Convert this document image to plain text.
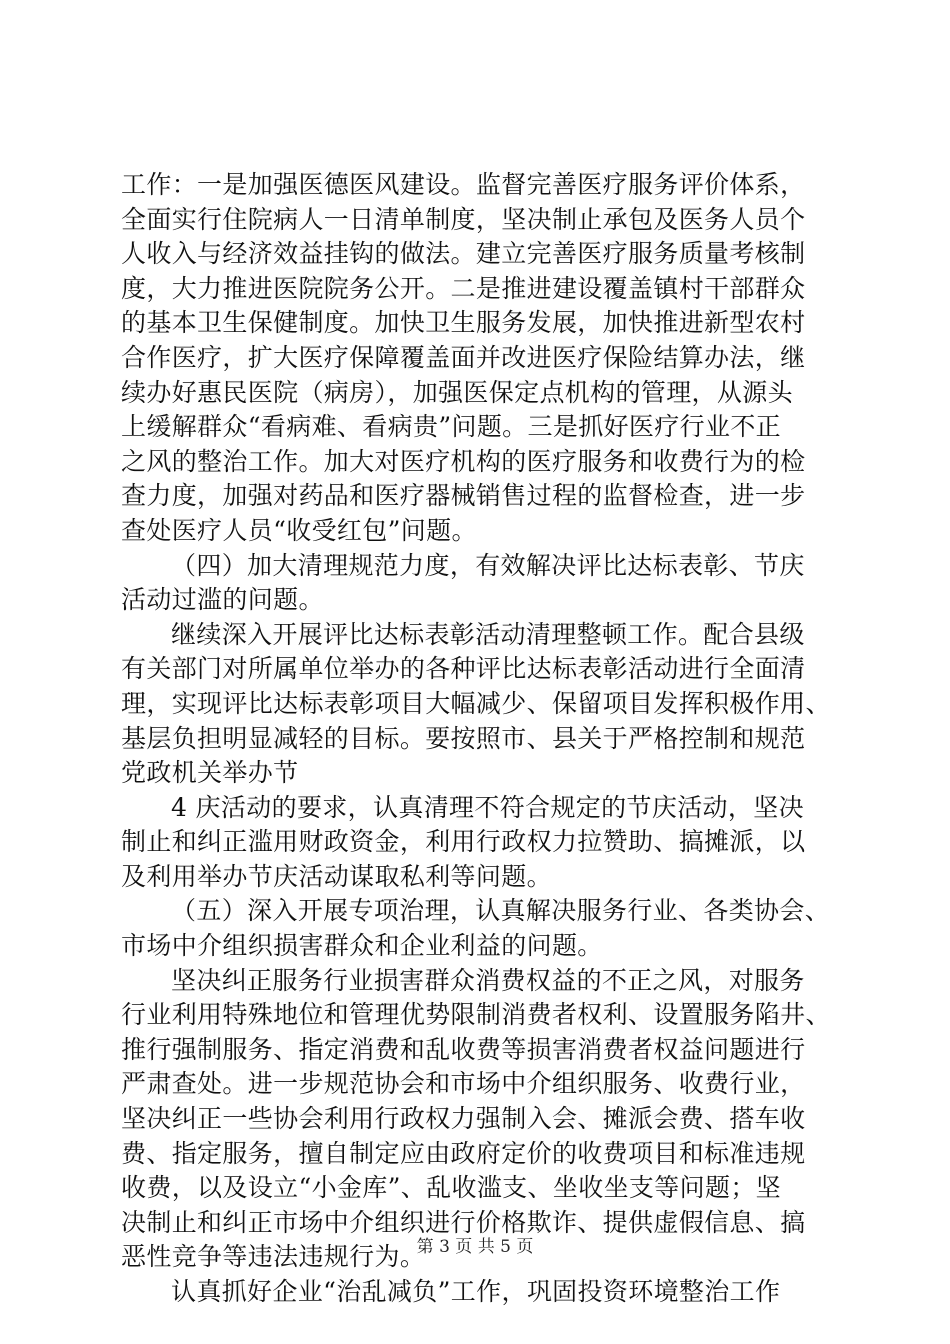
工作：一是加强医德医风建设。监督完善医疗服务评价体系，
全面实行住院病人一日清单制度，坚决制止承包及医务人员个
人收入与经济效益挂钩的做法。建立完善医疗服务质量考核制
度，大力推进医院院务公开。二是推进建设覆盖镇村干部群众
的基本卫生保健制度。加快卫生服务发展，加快推进新型农村
合作医疗，扩大医疗保障覆盖面并改进医疗保险结算办法，继
续办好惠民医院（病房），加强医保定点机构的管理，从源头
上缓解群众“看病难、看病贵”问题。三是抓好医疗行业不正
之风的整治工作。加大对医疗机构的医疗服务和收费行为的检
查力度，加强对药品和医疗器械销售过程的监督检查，进一步
查处医疗人员“收受红包”问题。
（四）加大清理规范力度，有效解决评比达标表彰、节庆
活动过滥的问题。
继续深入开展评比达标表彰活动清理整顿工作。配合县级
有关部门对所属单位举办的各种评比达标表彰活动进行全面清
理，实现评比达标表彰项目大幅减少、保留项目发挥积极作用、
基层负担明显减轻的目标。要按照市、县关于严格控制和规范
党政机关举办节
4 庆活动的要求，认真清理不符合规定的节庆活动，坚决
制止和纠正滥用财政资金，利用行政权力拉赞助、搞摊派，以
及利用举办节庆活动谋取私利等问题。
（五）深入开展专项治理，认真解决服务行业、各类协会、
市场中介组织损害群众和企业利益的问题。
坚决纠正服务行业损害群众消费权益的不正之风，对服务
行业利用特殊地位和管理优势限制消费者权利、设置服务陷井、
推行强制服务、指定消费和乱收费等损害消费者权益问题进行
严肃查处。进一步规范协会和市场中介组织服务、收费行业，
坚决纠正一些协会利用行政权力强制入会、摊派会费、搭车收
费、指定服务，擅自制定应由政府定价的收费项目和标准违规
收费，以及设立“小金库”、乱收滥支、坐收坐支等问题；坚
决制止和纠正市场中介组织进行价格欺诈、提供虚假信息、搞
恶性竞争等违法违规行为。
认真抓好企业“治乱减负”工作，巩固投资环境整治工作
第 3 页 共 5 页
